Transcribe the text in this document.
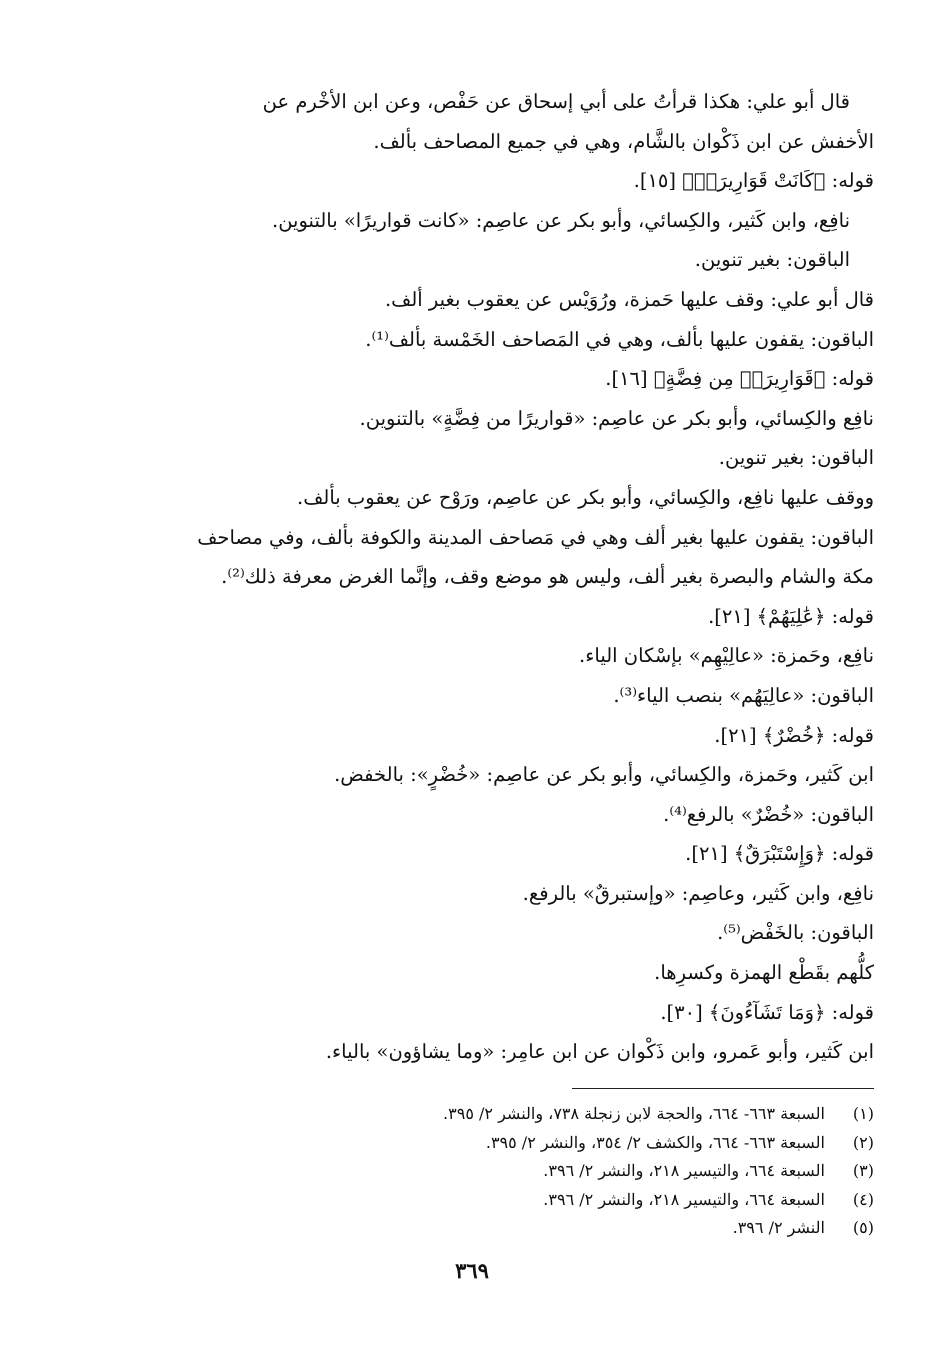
قال أبو علي: هكذا قرأتُ على أبي إسحاق عن حَفْص، وعن ابن الأخْرم عن

الأخفش عن ابن ذَكْوان بالشَّام، وهي في جميع المصاحف بألف.

قوله: ﴿كَانَتْ قَوَارِيرَا۟﴾ [١٥].

نافِع، وابن كَثير، والكِسائي، وأبو بكر عن عاصِم: «كانت قواريرًا» بالتنوين.

الباقون: بغير تنوين.

قال أبو علي: وقف عليها حَمزة، ورُوَيْس عن يعقوب بغير ألف.

الباقون: يقفون عليها بألف، وهي في المَصاحف الخَمْسة بألف⁽¹⁾.

قوله: ﴿قَوَارِيرَا۟ مِن فِضَّةٍ﴾ [١٦].

نافِع والكِسائي، وأبو بكر عن عاصِم: «قواريرًا من فِضَّةٍ» بالتنوين.

الباقون: بغير تنوين.

ووقف عليها نافِع، والكِسائي، وأبو بكر عن عاصِم، ورَوْح عن يعقوب بألف.

الباقون: يقفون عليها بغير ألف وهي في مَصاحف المدينة والكوفة بألف، وفي مصاحف

مكة والشام والبصرة بغير ألف، وليس هو موضع وقف، وإنَّما الغرض معرفة ذلك⁽²⁾.

قوله: ﴿عَٰلِيَهُمْ﴾ [٢١].

نافِع، وحَمزة: «عالِيْهِم» بإسْكان الياء.

الباقون: «عالِيَهُم» بنصب الياء⁽³⁾.

قوله: ﴿خُضْرٌ﴾ [٢١].

ابن كَثير، وحَمزة، والكِسائي، وأبو بكر عن عاصِم: «خُضْرٍ»: بالخفض.

الباقون: «خُضْرٌ» بالرفع⁽⁴⁾.

قوله: ﴿وَإِسْتَبْرَقٌ﴾ [٢١].

نافِع، وابن كَثير، وعاصِم: «وإستبرقٌ» بالرفع.

الباقون: بالخَفْض⁽⁵⁾.

كلُّهم بقَطْع الهمزة وكسرِها.

قوله: ﴿وَمَا تَشَآءُونَ﴾ [٣٠].

ابن كَثير، وأبو عَمرو، وابن ذَكْوان عن ابن عامِر: «وما يشاؤون» بالياء.

(١) السبعة ٦٦٣- ٦٦٤، والحجة لابن زنجلة ٧٣٨، والنشر ٢/ ٣٩٥.
(٢) السبعة ٦٦٣- ٦٦٤، والكشف ٢/ ٣٥٤، والنشر ٢/ ٣٩٥.
(٣) السبعة ٦٦٤، والتيسير ٢١٨، والنشر ٢/ ٣٩٦.
(٤) السبعة ٦٦٤، والتيسير ٢١٨، والنشر ٢/ ٣٩٦.
(٥) النشر ٢/ ٣٩٦.
٣٦٩
